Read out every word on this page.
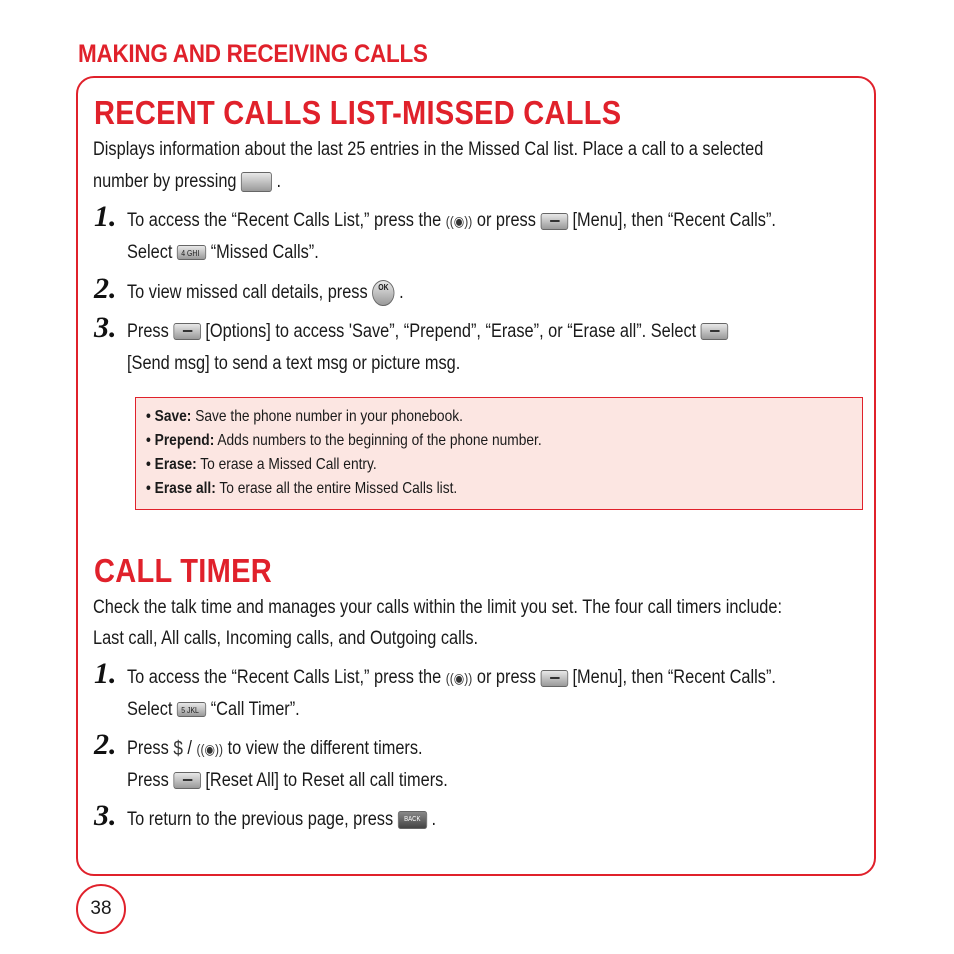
MAKING AND RECEIVING CALLS
RECENT CALLS LIST-MISSED CALLS
Displays information about the last 25 entries in the Missed Cal list. Place a call to a selected
number by pressing  .
1. To access the “Recent Calls List,” press the ((◉)) or press [Menu], then “Recent Calls”.
Select 4 GHI “Missed Calls”.
2. To view missed call details, press OK .
3. Press [Options] to access 'Save”, “Prepend”, “Erase”, or “Erase all”. Select
[Send msg] to send a text msg or picture msg.
• Save: Save the phone number in your phonebook.
• Prepend: Adds numbers to the beginning of the phone number.
• Erase: To erase a Missed Call entry.
• Erase all: To erase all the entire Missed Calls list.
CALL TIMER
Check the talk time and manages your calls within the limit you set. The four call timers include:
Last call, All calls, Incoming calls, and Outgoing calls.
1. To access the “Recent Calls List,” press the ((◉)) or press [Menu], then “Recent Calls”.
Select 5 JKL “Call Timer”.
2. Press $ / ((◉)) to view the different timers.
Press [Reset All] to Reset all call timers.
3. To return to the previous page, press BACK .
38
